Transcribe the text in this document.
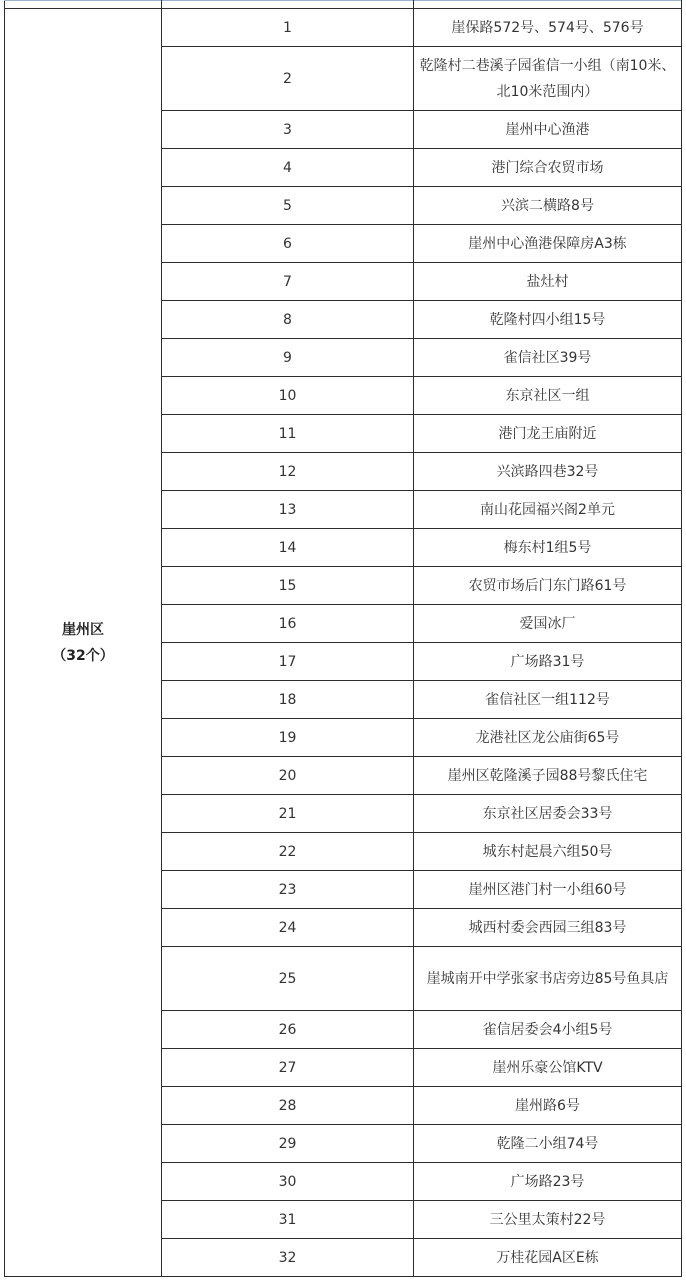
崖州区
（32个）	1	崖保路572号、574号、576号
	2	乾隆村二巷溪子园雀信一小组（南10米、北10米范围内）
	3	崖州中心渔港
	4	港门综合农贸市场
	5	兴滨二横路8号
	6	崖州中心渔港保障房A3栋
	7	盐灶村
	8	乾隆村四小组15号
	9	雀信社区39号
	10	东京社区一组
	11	港门龙王庙附近
	12	兴滨路四巷32号
	13	南山花园福兴阁2单元
	14	梅东村1组5号
	15	农贸市场后门东门路61号
	16	爱国冰厂
	17	广场路31号
	18	雀信社区一组112号
	19	龙港社区龙公庙街65号
	20	崖州区乾隆溪子园88号黎氏住宅
	21	东京社区居委会33号
	22	城东村起晨六组50号
	23	崖州区港门村一小组60号
	24	城西村委会西园三组83号
	25	崖城南开中学张家书店旁边85号鱼具店
	26	雀信居委会4小组5号
	27	崖州乐豪公馆KTV
	28	崖州路6号
	29	乾隆二小组74号
	30	广场路23号
	31	三公里太策村22号
	32	万桂花园A区E栋
